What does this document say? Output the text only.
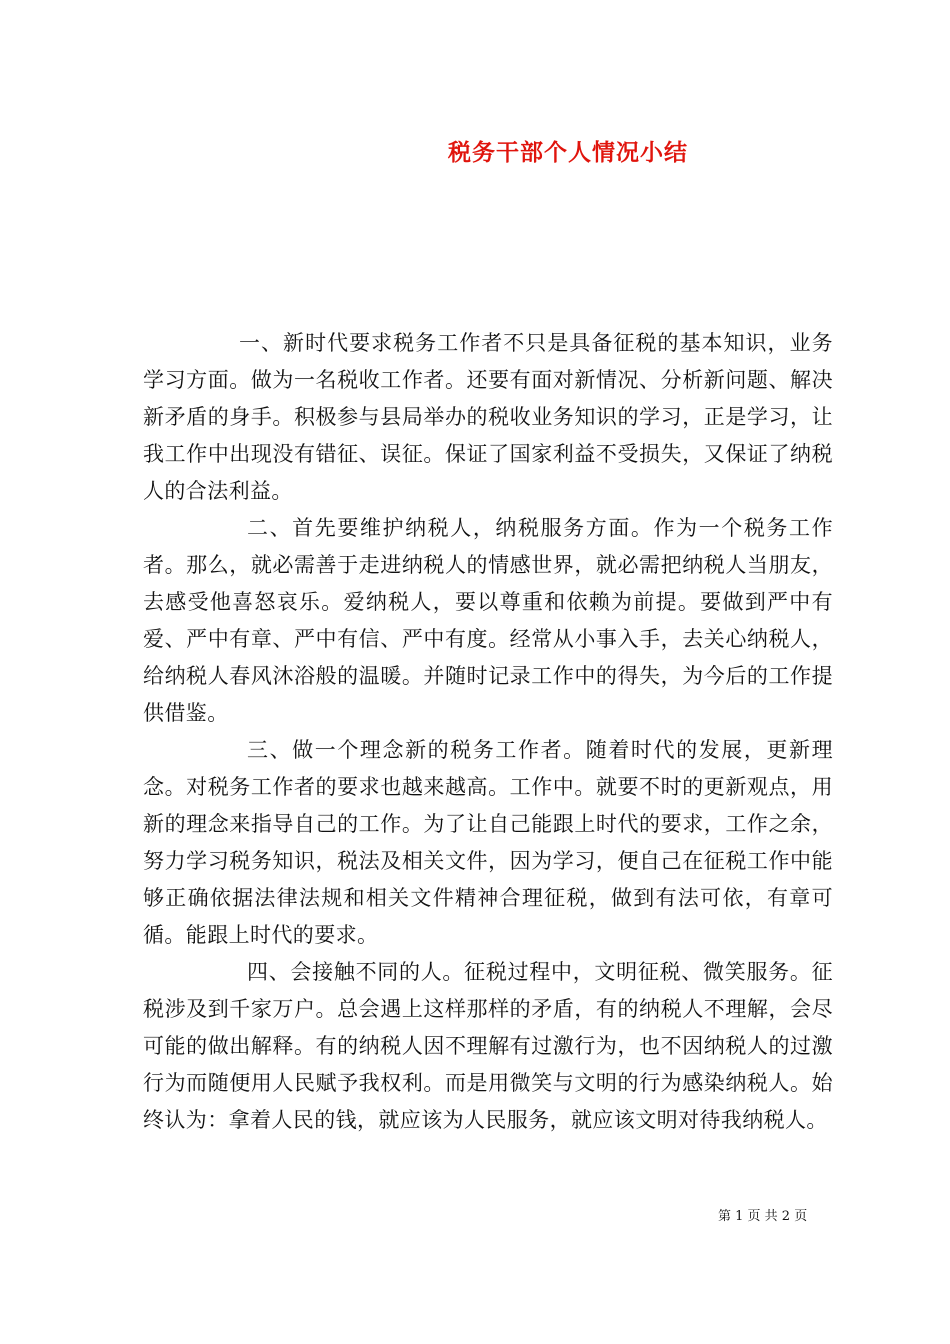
税务干部个人情况小结

一、新时代要求税务工作者不只是具备征税的基本知识，业务学习方面。做为一名税收工作者。还要有面对新情况、分析新问题、解决新矛盾的身手。积极参与县局举办的税收业务知识的学习，正是学习，让我工作中出现没有错征、误征。保证了国家利益不受损失，又保证了纳税人的合法利益。

二、首先要维护纳税人，纳税服务方面。作为一个税务工作者。那么，就必需善于走进纳税人的情感世界，就必需把纳税人当朋友，去感受他喜怒哀乐。爱纳税人，要以尊重和依赖为前提。要做到严中有爱、严中有章、严中有信、严中有度。经常从小事入手，去关心纳税人，给纳税人春风沐浴般的温暖。并随时记录工作中的得失，为今后的工作提供借鉴。

三、做一个理念新的税务工作者。随着时代的发展，更新理念。对税务工作者的要求也越来越高。工作中。就要不时的更新观点，用新的理念来指导自己的工作。为了让自己能跟上时代的要求，工作之余，努力学习税务知识，税法及相关文件，因为学习，便自己在征税工作中能够正确依据法律法规和相关文件精神合理征税，做到有法可依，有章可循。能跟上时代的要求。

四、会接触不同的人。征税过程中，文明征税、微笑服务。征税涉及到千家万户。总会遇上这样那样的矛盾，有的纳税人不理解，会尽可能的做出解释。有的纳税人因不理解有过激行为，也不因纳税人的过激行为而随便用人民赋予我权利。而是用微笑与文明的行为感染纳税人。始终认为：拿着人民的钱，就应该为人民服务，就应该文明对待我纳税人。

第 1 页 共 2 页
